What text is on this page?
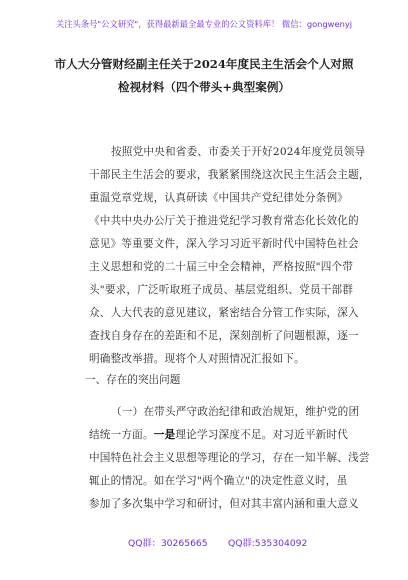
关注头条号"公文研究"，获得最新最全最专业的公文资料库！ 微信：gongwenyj
市人大分管财经副主任关于2024年度民主生活会个人对照
检视材料（四个带头+典型案例）
按照党中央和省委、市委关于开好2024年度党员领导
干部民主生活会的要求，我紧紧围绕这次民主生活会主题，
重温党章党规，认真研读《中国共产党纪律处分条例》
《中共中央办公厅关于推进党纪学习教育常态化长效化的
意见》等重要文件，深入学习习近平新时代中国特色社会
主义思想和党的二十届三中全会精神，严格按照"四个带
头"要求，广泛听取班子成员、基层党组织、党员干部群
众、人大代表的意见建议，紧密结合分管工作实际，深入
查找自身存在的差距和不足，深刻剖析了问题根源，逐一
明确整改举措。现将个人对照情况汇报如下。
一、存在的突出问题
（一）在带头严守政治纪律和政治规矩，维护党的团
结统一方面。一是理论学习深度不足。对习近平新时代
中国特色社会主义思想等理论的学习，存在一知半解、浅尝
辄止的情况。如在学习"两个确立"的决定性意义时，虽
参加了多次集中学习和研讨，但对其丰富内涵和重大意义
QQ群：30265665 QQ群:535304092
